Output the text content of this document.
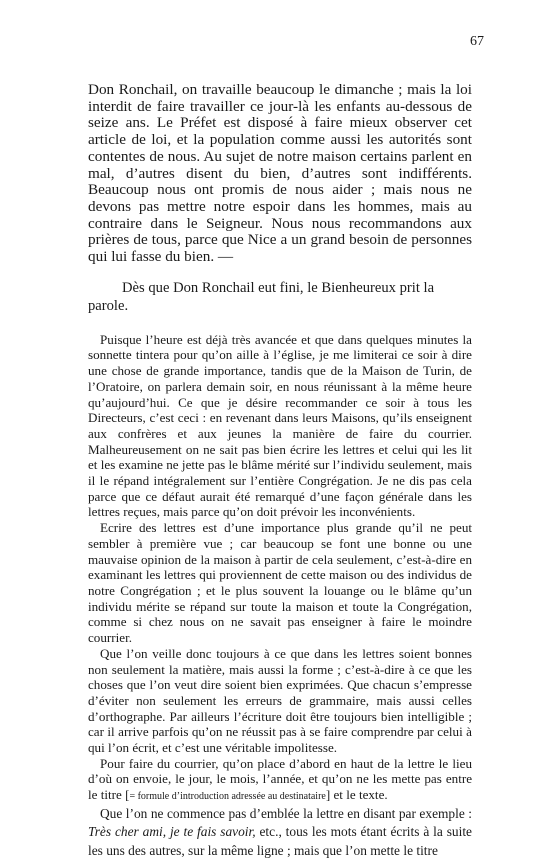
67

Don Ronchail, on travaille beaucoup le dimanche ; mais la loi interdit de faire travailler ce jour-là les enfants au-dessous de seize ans. Le Préfet est disposé à faire mieux observer cet article de loi, et la population comme aussi les autorités sont contentes de nous. Au sujet de notre maison certains parlent en mal, d’autres disent du bien, d’autres sont indifférents. Beaucoup nous ont promis de nous aider ; mais nous ne devons pas mettre notre espoir dans les hommes, mais au contraire dans le Seigneur. Nous nous recommandons aux prières de tous, parce que Nice a un grand besoin de personnes qui lui fasse du bien. —

Dès que Don Ronchail eut fini, le Bienheureux prit la parole.

Puisque l’heure est déjà très avancée et que dans quelques minutes la sonnette tintera pour qu’on aille à l’église, je me limiterai ce soir à dire une chose de grande importance, tandis que de la Maison de Turin, de l’Oratoire, on parlera demain soir, en nous réunissant à la même heure qu’aujourd’hui. Ce que je désire recommander ce soir à tous les Directeurs, c’est ceci : en revenant dans leurs Maisons, qu’ils enseignent aux confrères et aux jeunes la manière de faire du courrier. Malheureusement on ne sait pas bien écrire les lettres et celui qui les lit et les examine ne jette pas le blâme mérité sur l’individu seulement, mais il le répand intégralement sur l’entière Congrégation. Je ne dis pas cela parce que ce défaut aurait été remarqué d’une façon générale dans les lettres reçues, mais parce qu’on doit prévoir les inconvénients.

Ecrire des lettres est d’une importance plus grande qu’il ne peut sembler à première vue ; car beaucoup se font une bonne ou une mauvaise opinion de la maison à partir de cela seulement, c’est-à-dire en examinant les lettres qui proviennent de cette maison ou des individus de notre Congrégation ; et le plus souvent la louange ou le blâme qu’un individu mérite se répand sur toute la maison et toute la Congrégation, comme si chez nous on ne savait pas enseigner à faire le moindre courrier.

Que l’on veille donc toujours à ce que dans les lettres soient bonnes non seulement la matière, mais aussi la forme ; c’est-à-dire à ce que les choses que l’on veut dire soient bien exprimées. Que chacun s’empresse d’éviter non seulement les erreurs de grammaire, mais aussi celles d’orthographe. Par ailleurs l’écriture doit être toujours bien intelligible ; car il arrive parfois qu’on ne réussit pas à se faire comprendre par celui à qui l’on écrit, et c’est une véritable impolitesse.

Pour faire du courrier, qu’on place d’abord en haut de la lettre le lieu d’où on envoie, le jour, le mois, l’année, et qu’on ne les mette pas entre le titre [= formule d’introduction adressée au destinataire] et le texte.

Que l’on ne commence pas d’emblée la lettre en disant par exemple : Très cher ami, je te fais savoir, etc., tous les mots étant écrits à la suite les uns des autres, sur la même ligne ; mais que l’on mette le titre
